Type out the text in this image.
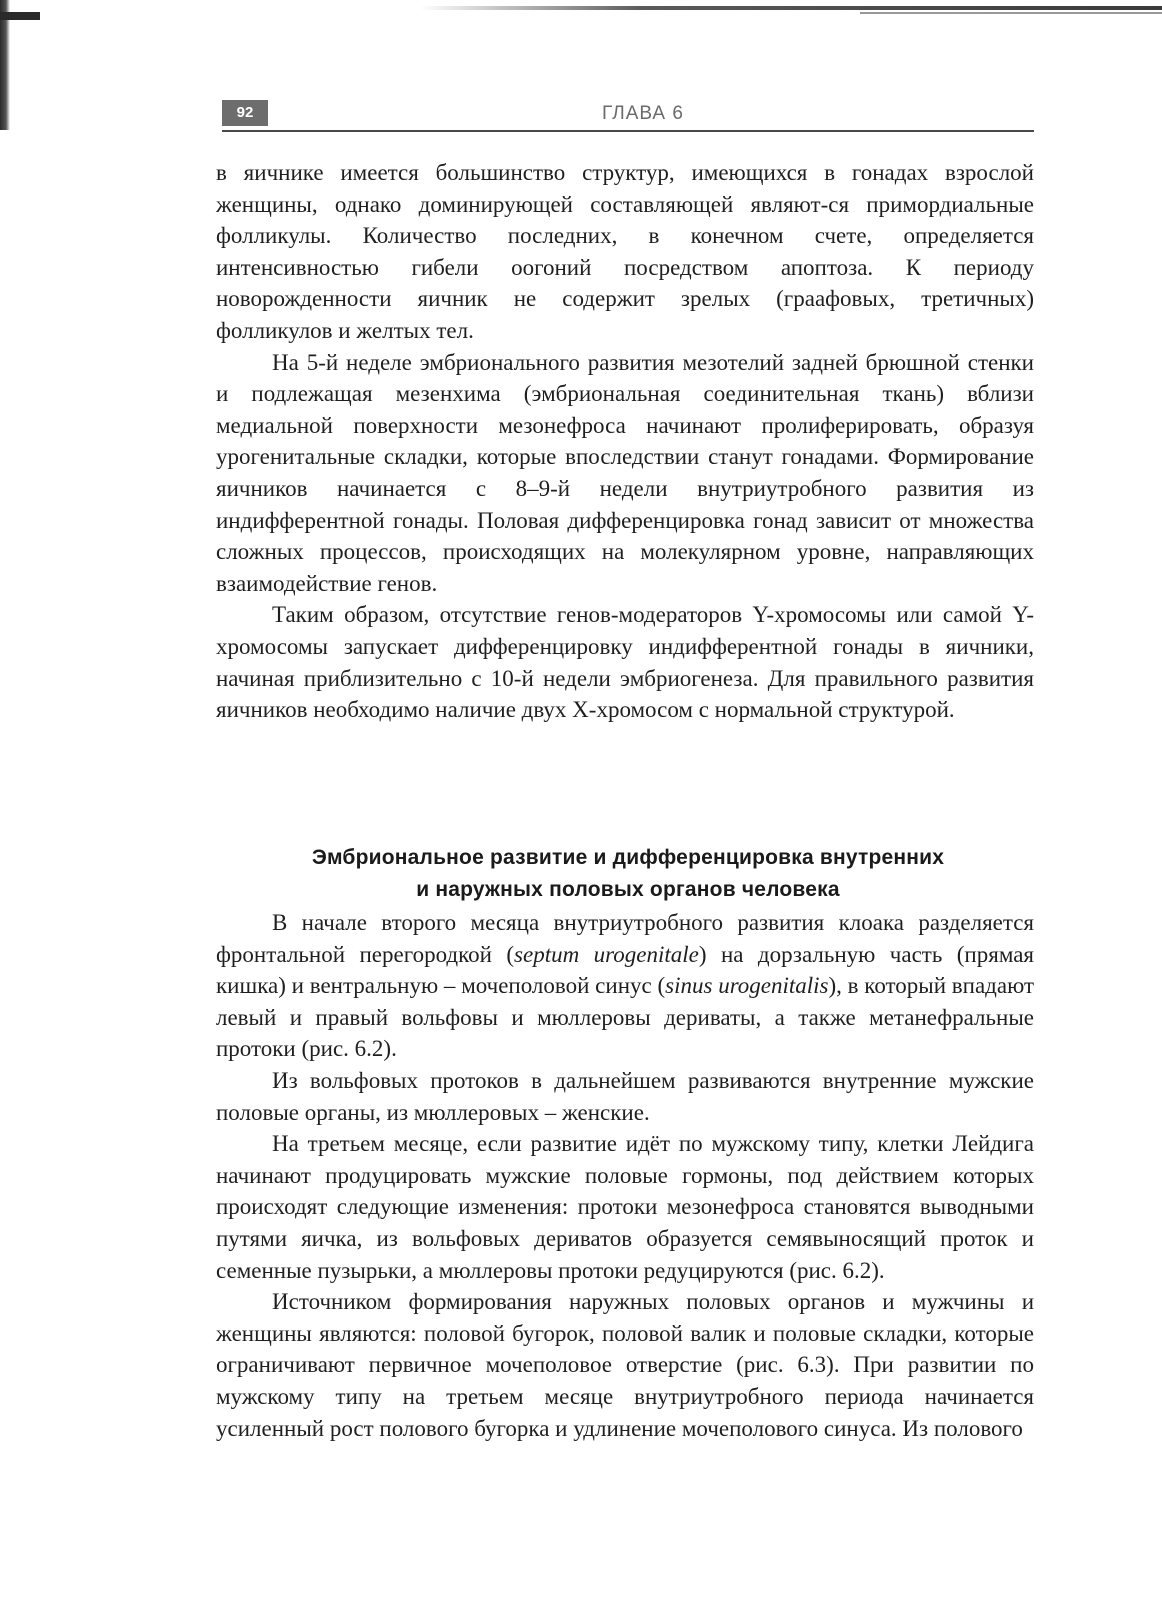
92	ГЛАВА 6

в яичнике имеется большинство структур, имеющихся в гонадах взрослой женщины, однако доминирующей составляющей являют-ся примордиальные фолликулы. Количество последних, в конечном счете, определяется интенсивностью гибели оогоний посредством апоптоза. К периоду новорожденности яичник не содержит зрелых (граафовых, третичных) фолликулов и желтых тел.

На 5-й неделе эмбрионального развития мезотелий задней брюшной стенки и подлежащая мезенхима (эмбриональная соединительная ткань) вблизи медиальной поверхности мезонефроса начинают пролиферировать, образуя урогенитальные складки, которые впоследствии станут гонадами. Формирование яичников начинается с 8–9-й недели внутриутробного развития из индифферентной гонады. Половая дифференцировка гонад зависит от множества сложных процессов, происходящих на молекулярном уровне, направляющих взаимодействие генов.

Таким образом, отсутствие генов-модераторов Y-хромосомы или самой Y-хромосомы запускает дифференцировку индифферентной гонады в яичники, начиная приблизительно с 10-й недели эмбриогенеза. Для правильного развития яичников необходимо наличие двух X-хромосом с нормальной структурой.

Эмбриональное развитие и дифференцировка внутренних
и наружных половых органов человека

В начале второго месяца внутриутробного развития клоака разделяется фронтальной перегородкой (septum urogenitale) на дорзальную часть (прямая кишка) и вентральную – мочеполовой синус (sinus urogenitalis), в который впадают левый и правый вольфовы и мюллеровы дериваты, а также метанефральные протоки (рис. 6.2).

Из вольфовых протоков в дальнейшем развиваются внутренние мужские половые органы, из мюллеровых – женские.

На третьем месяце, если развитие идёт по мужскому типу, клетки Лейдига начинают продуцировать мужские половые гормоны, под действием которых происходят следующие изменения: протоки мезонефроса становятся выводными путями яичка, из вольфовых дериватов образуется семявыносящий проток и семенные пузырьки, а мюллеровы протоки редуцируются (рис. 6.2).

Источником формирования наружных половых органов и мужчины и женщины являются: половой бугорок, половой валик и половые складки, которые ограничивают первичное мочеполовое отверстие (рис. 6.3). При развитии по мужскому типу на третьем месяце внутриутробного периода начинается усиленный рост полового бугорка и удлинение мочеполового синуса. Из полового
